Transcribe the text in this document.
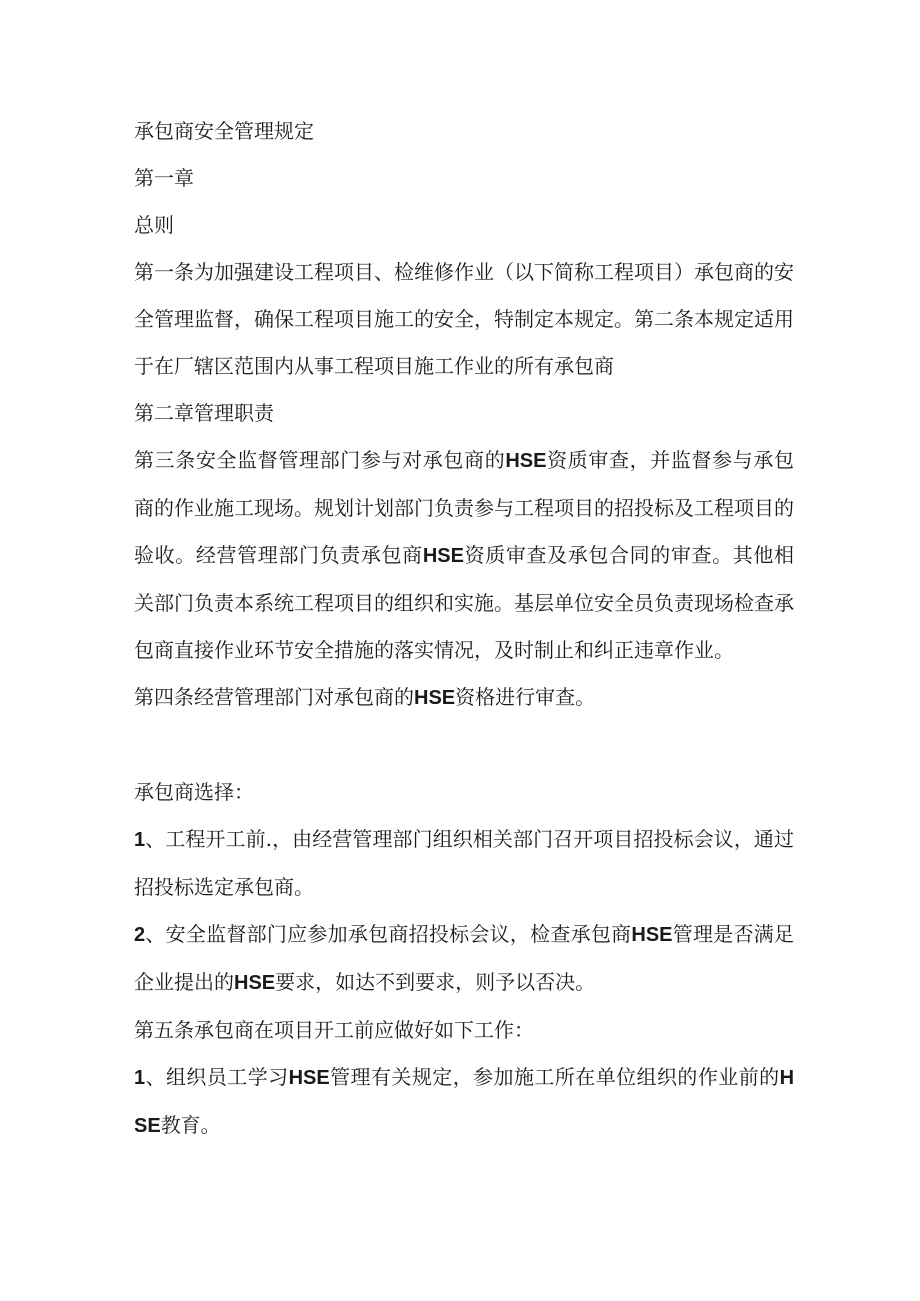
承包商安全管理规定

第一章

总则

第一条为加强建设工程项目、检维修作业（以下简称工程项目）承包商的安全管理监督，确保工程项目施工的安全，特制定本规定。第二条本规定适用于在厂辖区范围内从事工程项目施工作业的所有承包商

第二章管理职责

第三条安全监督管理部门参与对承包商的HSE资质审查，并监督参与承包商的作业施工现场。规划计划部门负责参与工程项目的招投标及工程项目的验收。经营管理部门负责承包商HSE资质审查及承包合同的审查。其他相关部门负责本系统工程项目的组织和实施。基层单位安全员负责现场检查承包商直接作业环节安全措施的落实情况，及时制止和纠正违章作业。

第四条经营管理部门对承包商的HSE资格进行审查。

承包商选择：

1、工程开工前.，由经营管理部门组织相关部门召开项目招投标会议，通过招投标选定承包商。

2、安全监督部门应参加承包商招投标会议，检查承包商HSE管理是否满足企业提出的HSE要求，如达不到要求，则予以否决。

第五条承包商在项目开工前应做好如下工作：

1、组织员工学习HSE管理有关规定，参加施工所在单位组织的作业前的HSE教育。
